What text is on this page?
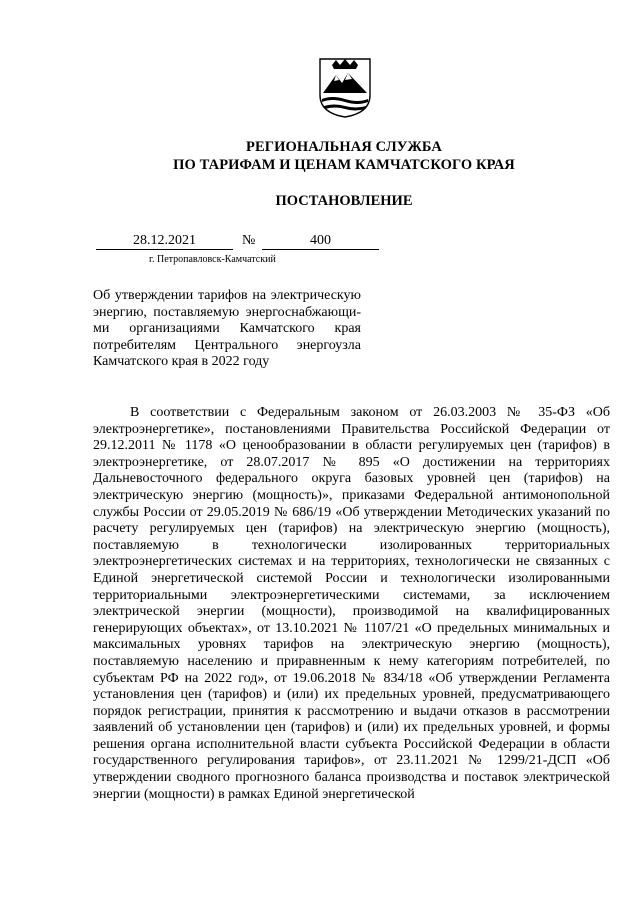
РЕГИОНАЛЬНАЯ СЛУЖБА
ПО ТАРИФАМ И ЦЕНАМ КАМЧАТСКОГО КРАЯ
ПОСТАНОВЛЕНИЕ
28.12.2021	№	400
г. Петропавловск-Камчатский
Об утверждении тарифов на электрическую энергию, поставляемую энергоснабжающи-ми организациями Камчатского края потребителям Центрального энергоузла Камчатского края в 2022 году
В соответствии с Федеральным законом от 26.03.2003 № 35-ФЗ «Об электроэнергетике», постановлениями Правительства Российской Федерации от 29.12.2011 № 1178 «О ценообразовании в области регулируемых цен (тарифов) в электроэнергетике, от 28.07.2017 № 895 «О достижении на территориях Дальневосточного федерального округа базовых уровней цен (тарифов) на электрическую энергию (мощность)», приказами Федеральной антимонопольной службы России от 29.05.2019 № 686/19 «Об утверждении Методических указаний по расчету регулируемых цен (тарифов) на электрическую энергию (мощность), поставляемую в технологически изолированных территориальных электроэнергетических системах и на территориях, технологически не связанных с Единой энергетической системой России и технологически изолированными территориальными электроэнергетическими системами, за исключением электрической энергии (мощности), производимой на квалифицированных генерирующих объектах», от 13.10.2021 № 1107/21 «О предельных минимальных и максимальных уровнях тарифов на электрическую энергию (мощность), поставляемую населению и приравненным к нему категориям потребителей, по субъектам РФ на 2022 год», от 19.06.2018 № 834/18 «Об утверждении Регламента установления цен (тарифов) и (или) их предельных уровней, предусматривающего порядок регистрации, принятия к рассмотрению и выдачи отказов в рассмотрении заявлений об установлении цен (тарифов) и (или) их предельных уровней, и формы решения органа исполнительной власти субъекта Российской Федерации в области государственного регулирования тарифов», от 23.11.2021 № 1299/21-ДСП «Об утверждении сводного прогнозного баланса производства и поставок электрической энергии (мощности) в рамках Единой энергетической
